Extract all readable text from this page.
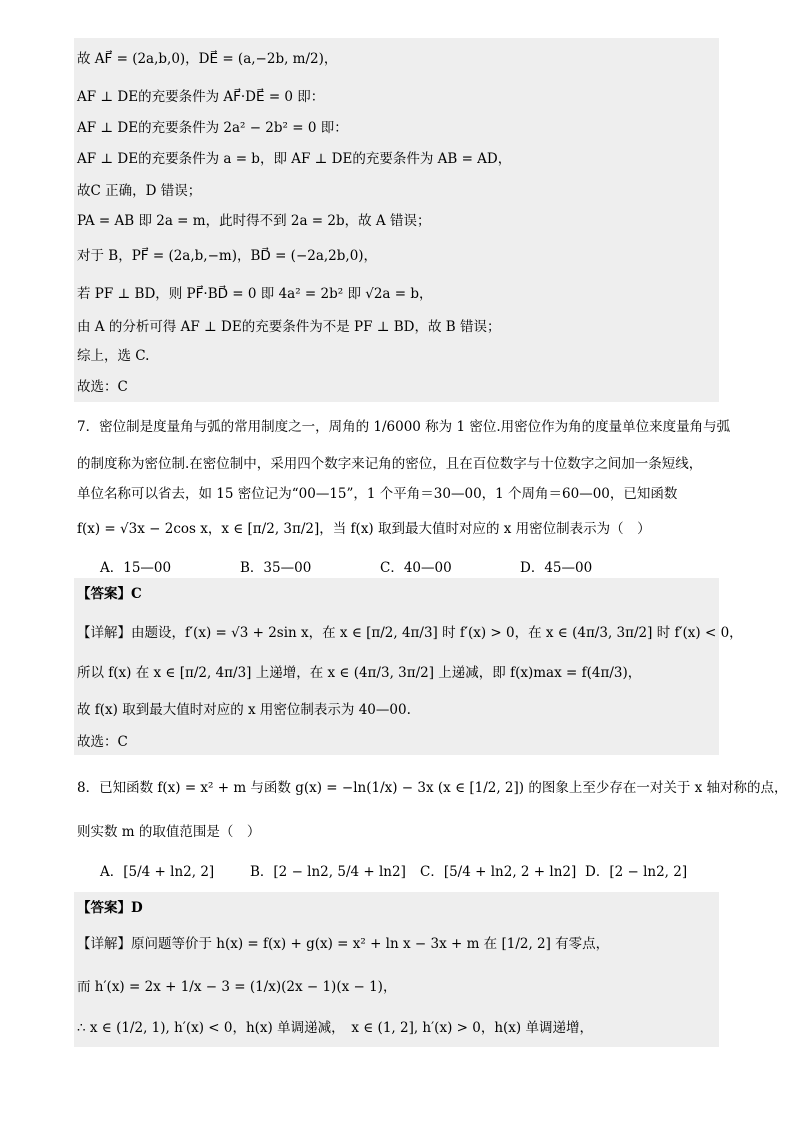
故 AF⃗ = (2a,b,0)，DE⃗ = (a,−2b, m/2)，
AF ⊥ DE的充要条件为 AF⃗·DE⃗ = 0 即：
AF ⊥ DE的充要条件为 2a² − 2b² = 0 即：
AF ⊥ DE的充要条件为 a = b，即 AF ⊥ DE的充要条件为 AB = AD，
故C 正确，D 错误；
PA = AB 即 2a = m，此时得不到 2a = 2b，故 A 错误；
对于 B，PF⃗ = (2a,b,−m)，BD⃗ = (−2a,2b,0)，
若 PF ⊥ BD，则 PF⃗·BD⃗ = 0 即 4a² = 2b² 即 √2a = b，
由 A 的分析可得 AF ⊥ DE的充要条件为不是 PF ⊥ BD，故 B 错误；
综上，选 C.
故选：C
7．密位制是度量角与弧的常用制度之一，周角的 1/6000 称为 1 密位.用密位作为角的度量单位来度量角与弧
的制度称为密位制.在密位制中，采用四个数字来记角的密位，且在百位数字与十位数字之间加一条短线，
单位名称可以省去，如 15 密位记为“00—15”，1 个平角＝30—00，1 个周角＝60—00，已知函数
f(x) = √3x − 2cos x，x ∈ [π/2, 3π/2]，当 f(x) 取到最大值时对应的 x 用密位制表示为（　）
A．15—00	B．35—00	C．40—00	D．45—00
【答案】C
【详解】由题设，f′(x) = √3 + 2sin x，在 x ∈ [π/2, 4π/3] 时 f′(x) > 0，在 x ∈ (4π/3, 3π/2] 时 f′(x) < 0，
所以 f(x) 在 x ∈ [π/2, 4π/3] 上递增，在 x ∈ (4π/3, 3π/2] 上递减，即 f(x)max = f(4π/3)，
故 f(x) 取到最大值时对应的 x 用密位制表示为 40—00.
故选：C
8．已知函数 f(x) = x² + m 与函数 g(x) = −ln(1/x) − 3x (x ∈ [1/2, 2]) 的图象上至少存在一对关于 x 轴对称的点，
则实数 m 的取值范围是（　）
A．[5/4 + ln2, 2]	B．[2 − ln2, 5/4 + ln2] C．[5/4 + ln2, 2 + ln2] D．[2 − ln2, 2]
【答案】D
【详解】原问题等价于 h(x) = f(x) + g(x) = x² + ln x − 3x + m 在 [1/2, 2] 有零点，
而 h′(x) = 2x + 1/x − 3 = (1/x)(2x − 1)(x − 1)，
∴ x ∈ (1/2, 1), h′(x) < 0，h(x) 单调递减，　x ∈ (1, 2], h′(x) > 0，h(x) 单调递增，
